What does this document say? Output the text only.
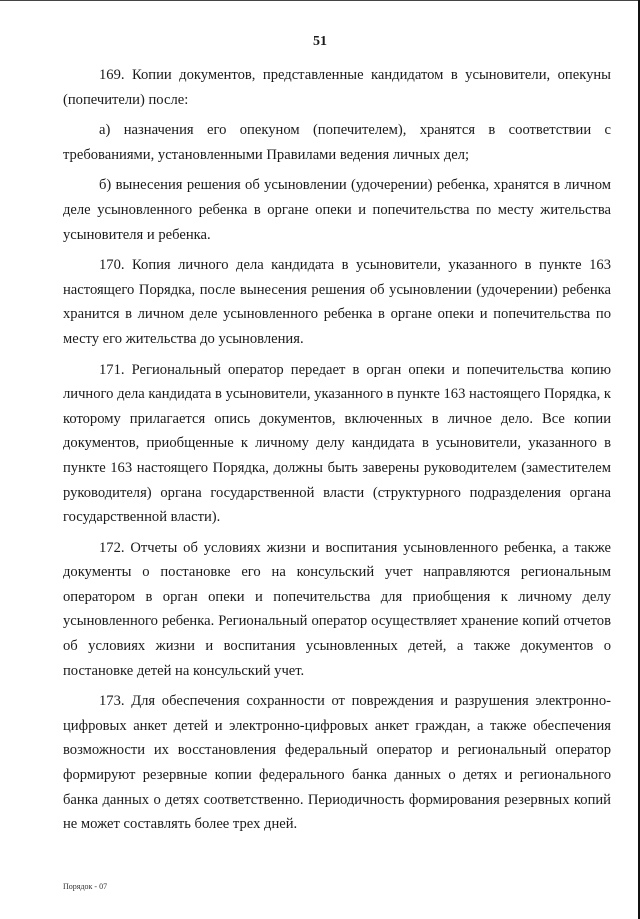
51

169. Копии документов, представленные кандидатом в усыновители, опекуны (попечители) после:

а) назначения его опекуном (попечителем), хранятся в соответствии с требованиями, установленными Правилами ведения личных дел;

б) вынесения решения об усыновлении (удочерении) ребенка, хранятся в личном деле усыновленного ребенка в органе опеки и попечительства по месту жительства усыновителя и ребенка.

170. Копия личного дела кандидата в усыновители, указанного в пункте 163 настоящего Порядка, после вынесения решения об усыновлении (удочерении) ребенка хранится в личном деле усыновленного ребенка в органе опеки и попечительства по месту его жительства до усыновления.

171. Региональный оператор передает в орган опеки и попечительства копию личного дела кандидата в усыновители, указанного в пункте 163 настоящего Порядка, к которому прилагается опись документов, включенных в личное дело. Все копии документов, приобщенные к личному делу кандидата в усыновители, указанного в пункте 163 настоящего Порядка, должны быть заверены руководителем (заместителем руководителя) органа государственной власти (структурного подразделения органа государственной власти).

172. Отчеты об условиях жизни и воспитания усыновленного ребенка, а также документы о постановке его на консульский учет направляются региональным оператором в орган опеки и попечительства для приобщения к личному делу усыновленного ребенка. Региональный оператор осуществляет хранение копий отчетов об условиях жизни и воспитания усыновленных детей, а также документов о постановке детей на консульский учет.

173. Для обеспечения сохранности от повреждения и разрушения электронно-цифровых анкет детей и электронно-цифровых анкет граждан, а также обеспечения возможности их восстановления федеральный оператор и региональный оператор формируют резервные копии федерального банка данных о детях и регионального банка данных о детях соответственно. Периодичность формирования резервных копий не может составлять более трех дней.

Порядок - 07
